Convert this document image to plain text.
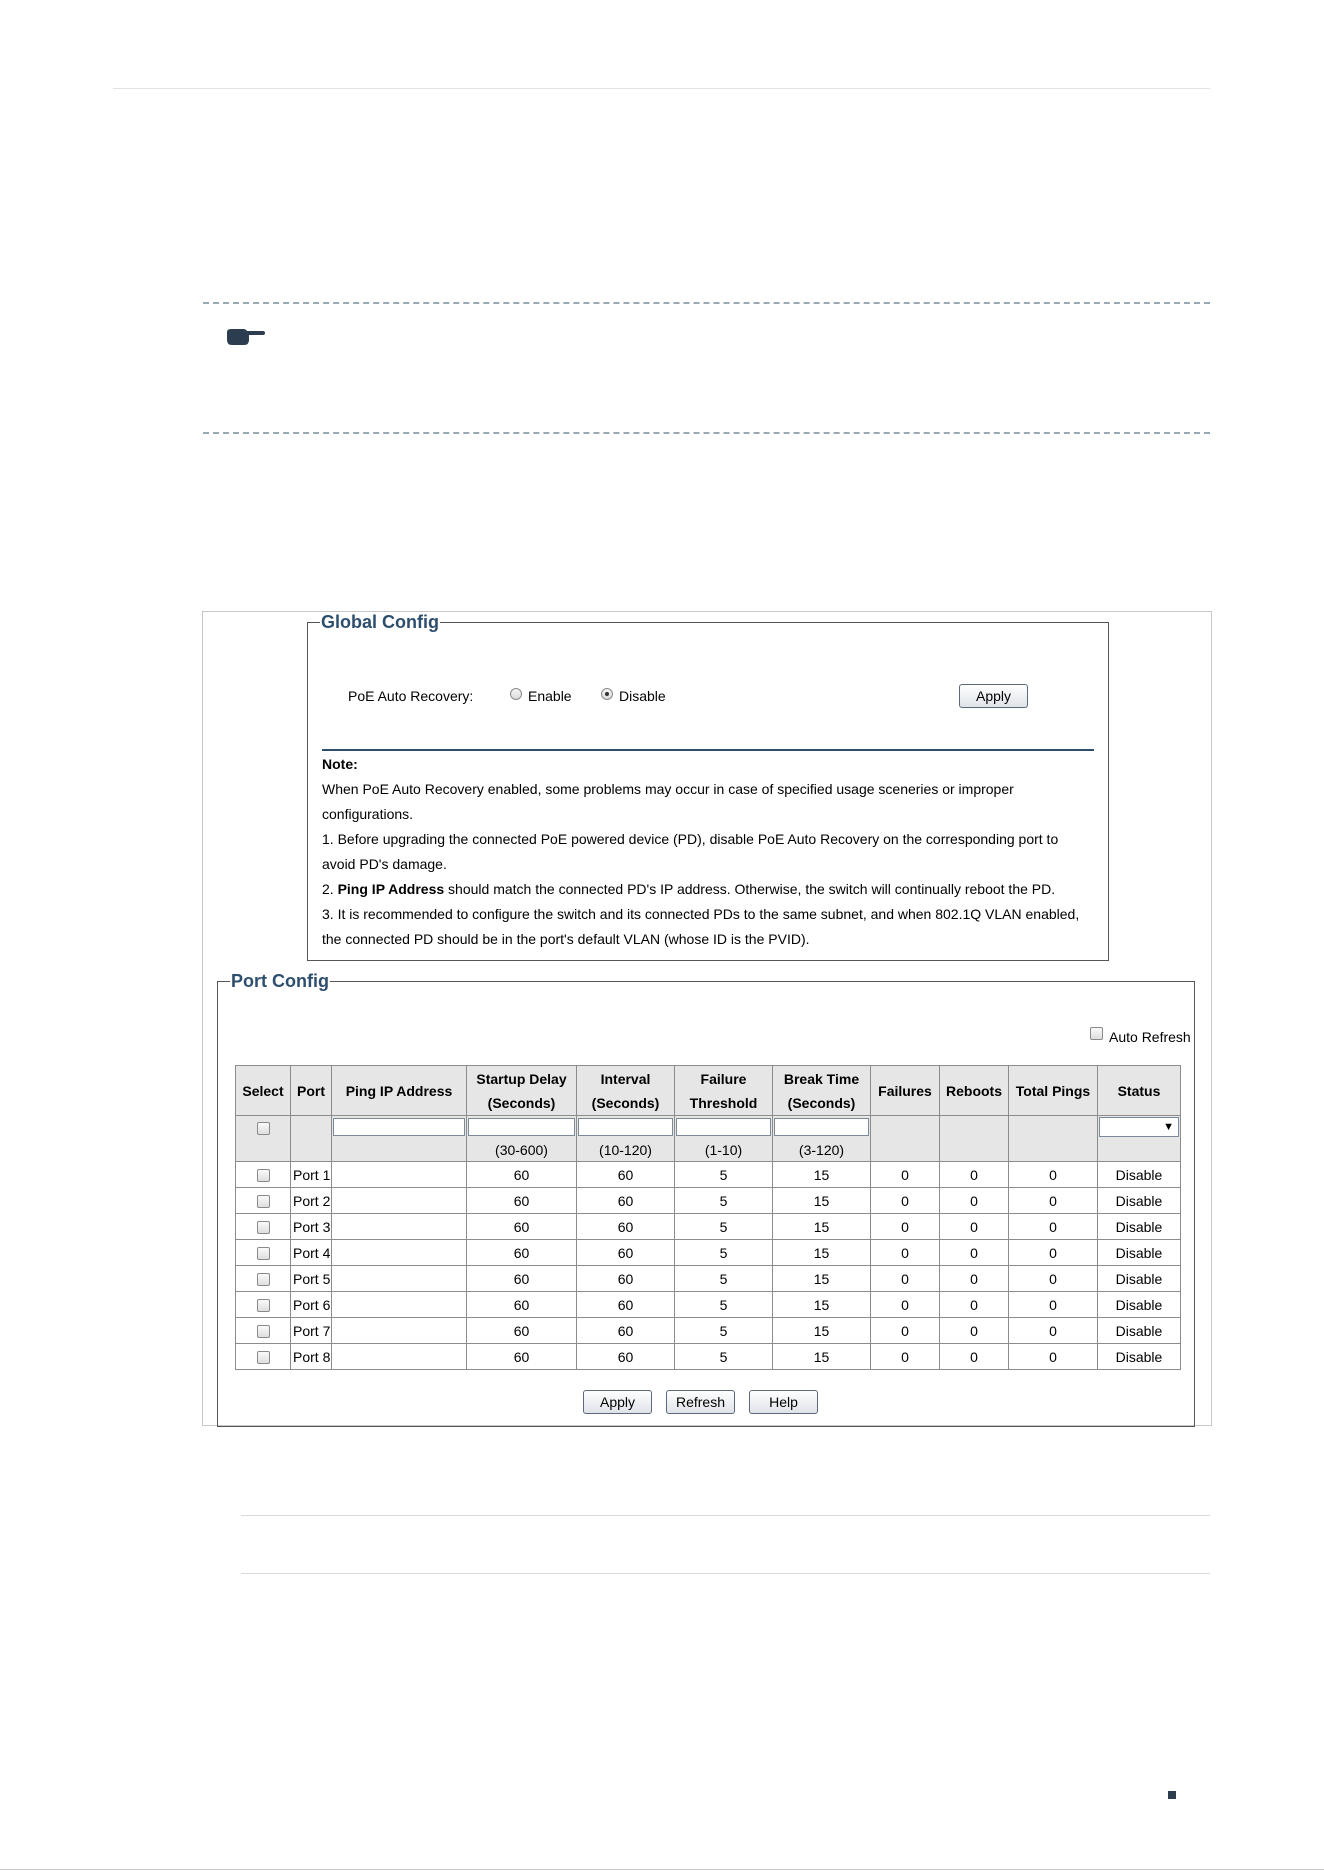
Global Config
PoE Auto Recovery:	Enable	Disable	Apply
Note:
When PoE Auto Recovery enabled, some problems may occur in case of specified usage sceneries or improper
configurations.
1. Before upgrading the connected PoE powered device (PD), disable PoE Auto Recovery on the corresponding port to
avoid PD's damage.
2. Ping IP Address should match the connected PD's IP address. Otherwise, the switch will continually reboot the PD.
3. It is recommended to configure the switch and its connected PDs to the same subnet, and when 802.1Q VLAN enabled,
the connected PD should be in the port's default VLAN (whose ID is the PVID).
Port Config
Auto Refresh
Select	Port	Ping IP Address	Startup Delay
(Seconds)	Interval
(Seconds)	Failure
Threshold	Break Time
(Seconds)	Failures	Reboots	Total Pings	Status

▼

			(30-600)	(10-120)	(1-10)	(3-120)				
	Port 1		60	60	5	15	0	0	0	Disable
	Port 2		60	60	5	15	0	0	0	Disable
	Port 3		60	60	5	15	0	0	0	Disable
	Port 4		60	60	5	15	0	0	0	Disable
	Port 5		60	60	5	15	0	0	0	Disable
	Port 6		60	60	5	15	0	0	0	Disable
	Port 7		60	60	5	15	0	0	0	Disable
	Port 8		60	60	5	15	0	0	0	Disable
Apply	Refresh	Help
